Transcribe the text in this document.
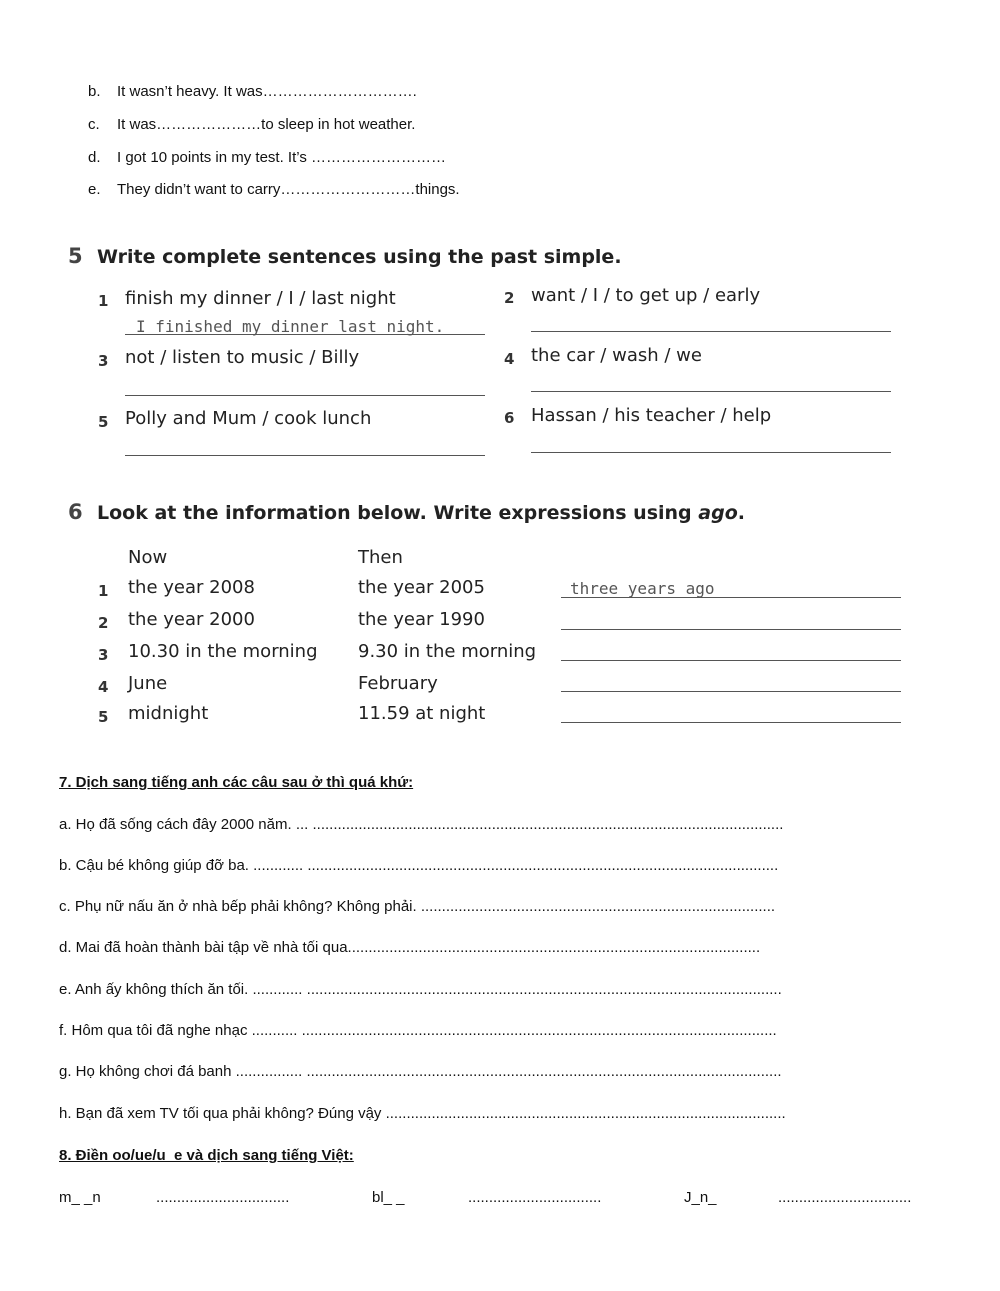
b. It wasn’t heavy. It was………………………….
c. It was…………………to sleep in hot weather.
d. I got 10 points in my test. It’s ………………………
e. They didn’t want to carry………………………things.
5 Write complete sentences using the past simple.
1 finish my dinner / I / last night
I finished my dinner last night.
2 want / I / to get up / early
3 not / listen to music / Billy	4 the car / wash / we
5 Polly and Mum / cook lunch	6 Hassan / his teacher / help
6 Look at the information below. Write expressions using ago.
Now	Then
1 the year 2008	the year 2005	three years ago
2 the year 2000	the year 1990
3 10.30 in the morning 9.30 in the morning
4 June	February
5 midnight	11.59 at night
7. Dịch sang tiếng anh các câu sau ở thì quá khứ:
a. Họ đã sống cách đây 2000 năm. ... .................................................................................................................
b. Cậu bé không giúp đỡ ba. ............ .................................................................................................................
c. Phụ nữ nấu ăn ở nhà bếp phải không? Không phải. .....................................................................................
d. Mai đã hoàn thành bài tập về nhà tối qua...................................................................................................
e. Anh ấy không thích ăn tối. ............ ..................................................................................................................
f. Hôm qua tôi đã nghe nhạc ........... ..................................................................................................................
g. Họ không chơi đá banh ................ ..................................................................................................................
h. Bạn đã xem TV tối qua phải không? Đúng vậy ................................................................................................
8. Điền oo/ue/u_e và dịch sang tiếng Việt:
m_ _n	................................	bl_ _	................................	J_n_	................................
